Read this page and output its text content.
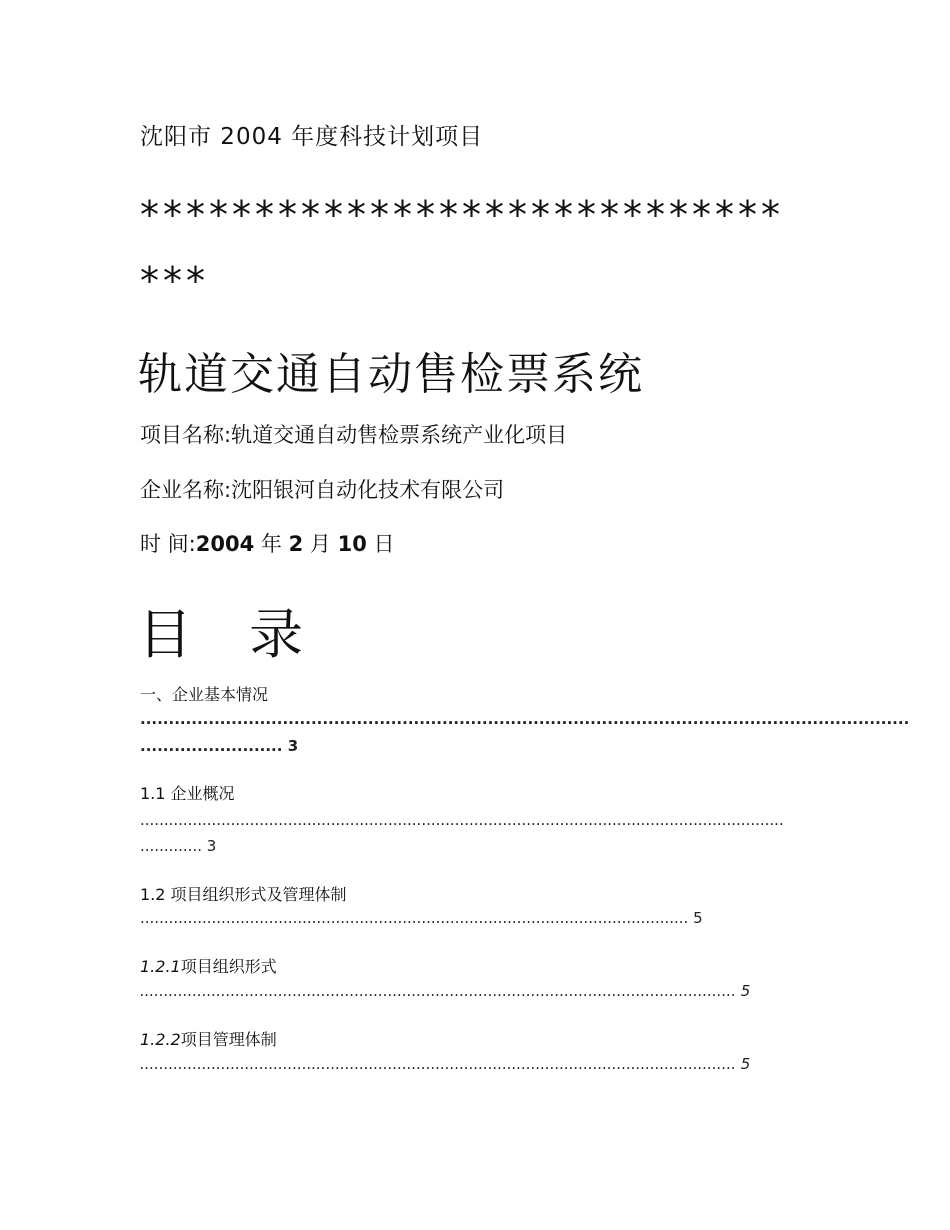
沈阳市 2004 年度科技计划项目
****************************
***
轨道交通自动售检票系统
项目名称:轨道交通自动售检票系统产业化项目
企业名称:沈阳银河自动化技术有限公司
时 间:2004 年 2 月 10 日
目 录
一、企业基本情况
.......................................................................................................................................
......................... 3
1.1 企业概况
.......................................................................................................................................
............. 3
1.2 项目组织形式及管理体制
................................................................................................................... 5
1.2.1项目组织形式
............................................................................................................................. 5
1.2.2项目管理体制
............................................................................................................................. 5
